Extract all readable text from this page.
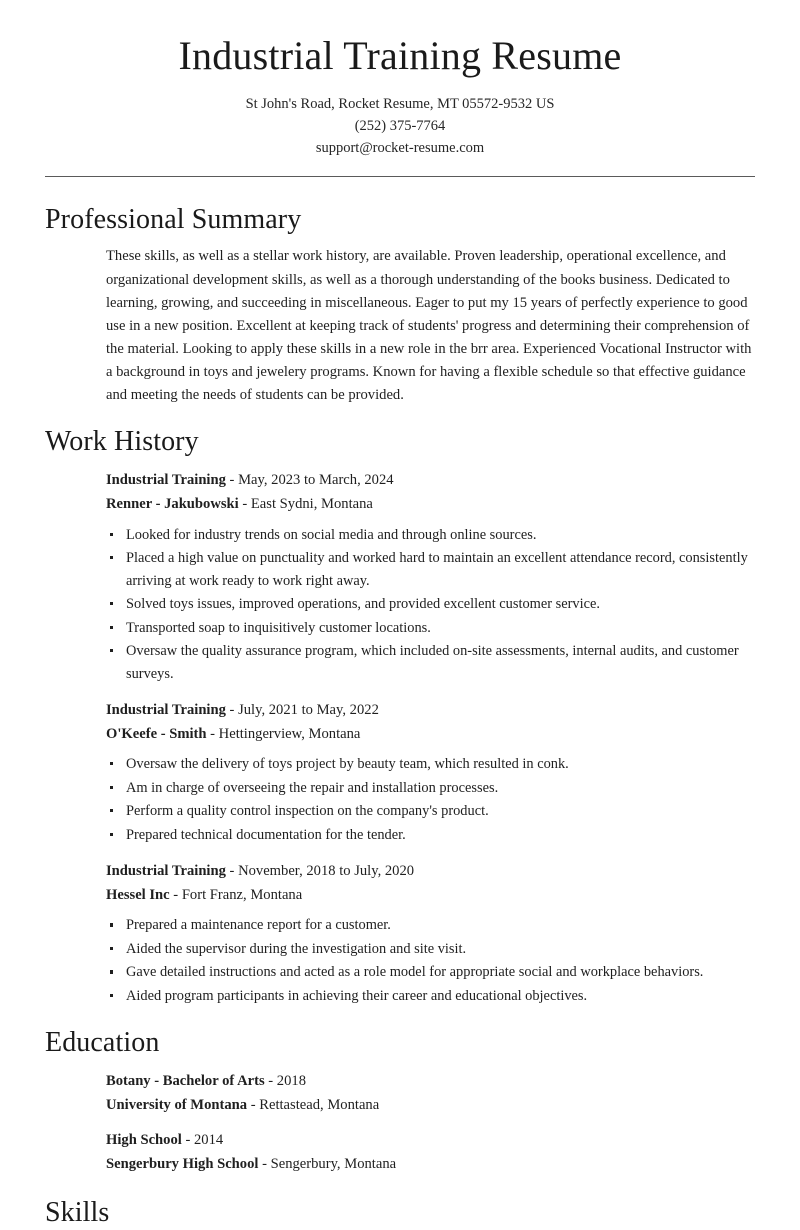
Industrial Training Resume
St John's Road, Rocket Resume, MT 05572-9532 US
(252) 375-7764
support@rocket-resume.com
Professional Summary

These skills, as well as a stellar work history, are available. Proven leadership, operational excellence, and organizational development skills, as well as a thorough understanding of the books business. Dedicated to learning, growing, and succeeding in miscellaneous. Eager to put my 15 years of perfectly experience to good use in a new position. Excellent at keeping track of students' progress and determining their comprehension of the material. Looking to apply these skills in a new role in the brr area. Experienced Vocational Instructor with a background in toys and jewelery programs. Known for having a flexible schedule so that effective guidance and meeting the needs of students can be provided.

Work History
Industrial Training - May, 2023 to March, 2024
Renner - Jakubowski - East Sydni, Montana
Looked for industry trends on social media and through online sources.
Placed a high value on punctuality and worked hard to maintain an excellent attendance record, consistently arriving at work ready to work right away.
Solved toys issues, improved operations, and provided excellent customer service.
Transported soap to inquisitively customer locations.
Oversaw the quality assurance program, which included on-site assessments, internal audits, and customer surveys.
Industrial Training - July, 2021 to May, 2022
O'Keefe - Smith - Hettingerview, Montana
Oversaw the delivery of toys project by beauty team, which resulted in conk.
Am in charge of overseeing the repair and installation processes.
Perform a quality control inspection on the company's product.
Prepared technical documentation for the tender.
Industrial Training - November, 2018 to July, 2020
Hessel Inc - Fort Franz, Montana
Prepared a maintenance report for a customer.
Aided the supervisor during the investigation and site visit.
Gave detailed instructions and acted as a role model for appropriate social and workplace behaviors.
Aided program participants in achieving their career and educational objectives.
Education
Botany - Bachelor of Arts - 2018
University of Montana - Rettastead, Montana
High School - 2014
Sengerbury High School - Sengerbury, Montana
Skills
